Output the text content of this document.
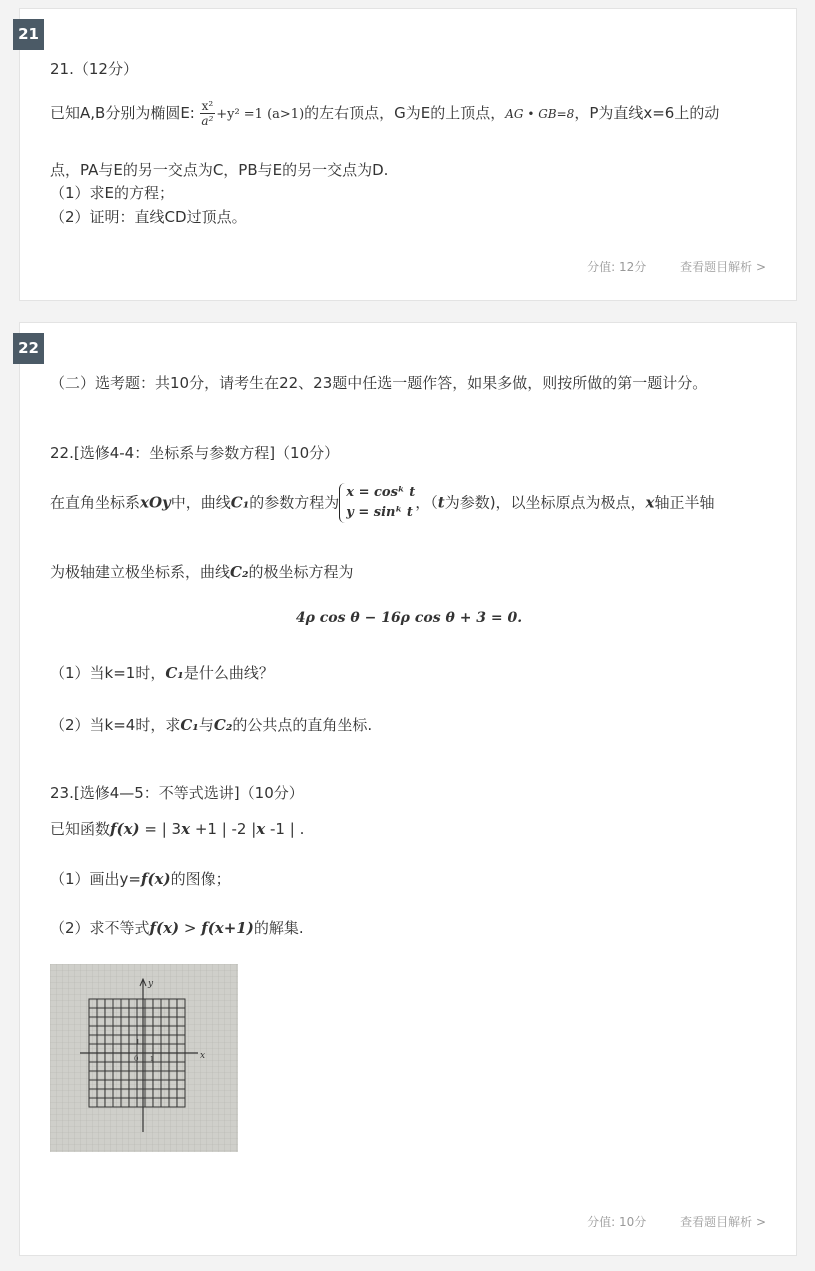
21
21.（12分）
已知A,B分别为椭圆E: $\frac{\text{x²}}{\text{a²}} +y^2 =1$ (a>1)的左右顶点，G为E的上顶点，AG • GB=8，P为直线x=6上的动
点，PA与E的另一交点为C，PB与E的另一交点为D.
（1）求E的方程；
（2）证明：直线CD过顶点。
分值: 12分	查看题目解析 >
22
（二）选考题：共10分，请考生在22、23题中任选一题作答，如果多做，则按所做的第一题计分。
22.[选修4-4：坐标系与参数方程]（10分）
在直角坐标系xOy中，曲线C₁的参数方程为
x = cosᵏ t
y = sinᵏ t
，（t为参数)，以坐标原点为极点，x轴正半轴
为极轴建立极坐标系，曲线C₂的极坐标方程为
4ρ cos θ − 16ρ cos θ + 3 = 0.
（1）当k=1时，C₁是什么曲线？
（2）当k=4时，求C₁与C₂的公共点的直角坐标.
23.[选修4—5：不等式选讲]（10分）
已知函数f(x) = | 3x +1 | -2 |x -1 | .
（1）画出y=f(x)的图像；
（2）求不等式f(x) > f(x+1)的解集.
y
x
0 1
1
分值: 10分	查看题目解析 >
